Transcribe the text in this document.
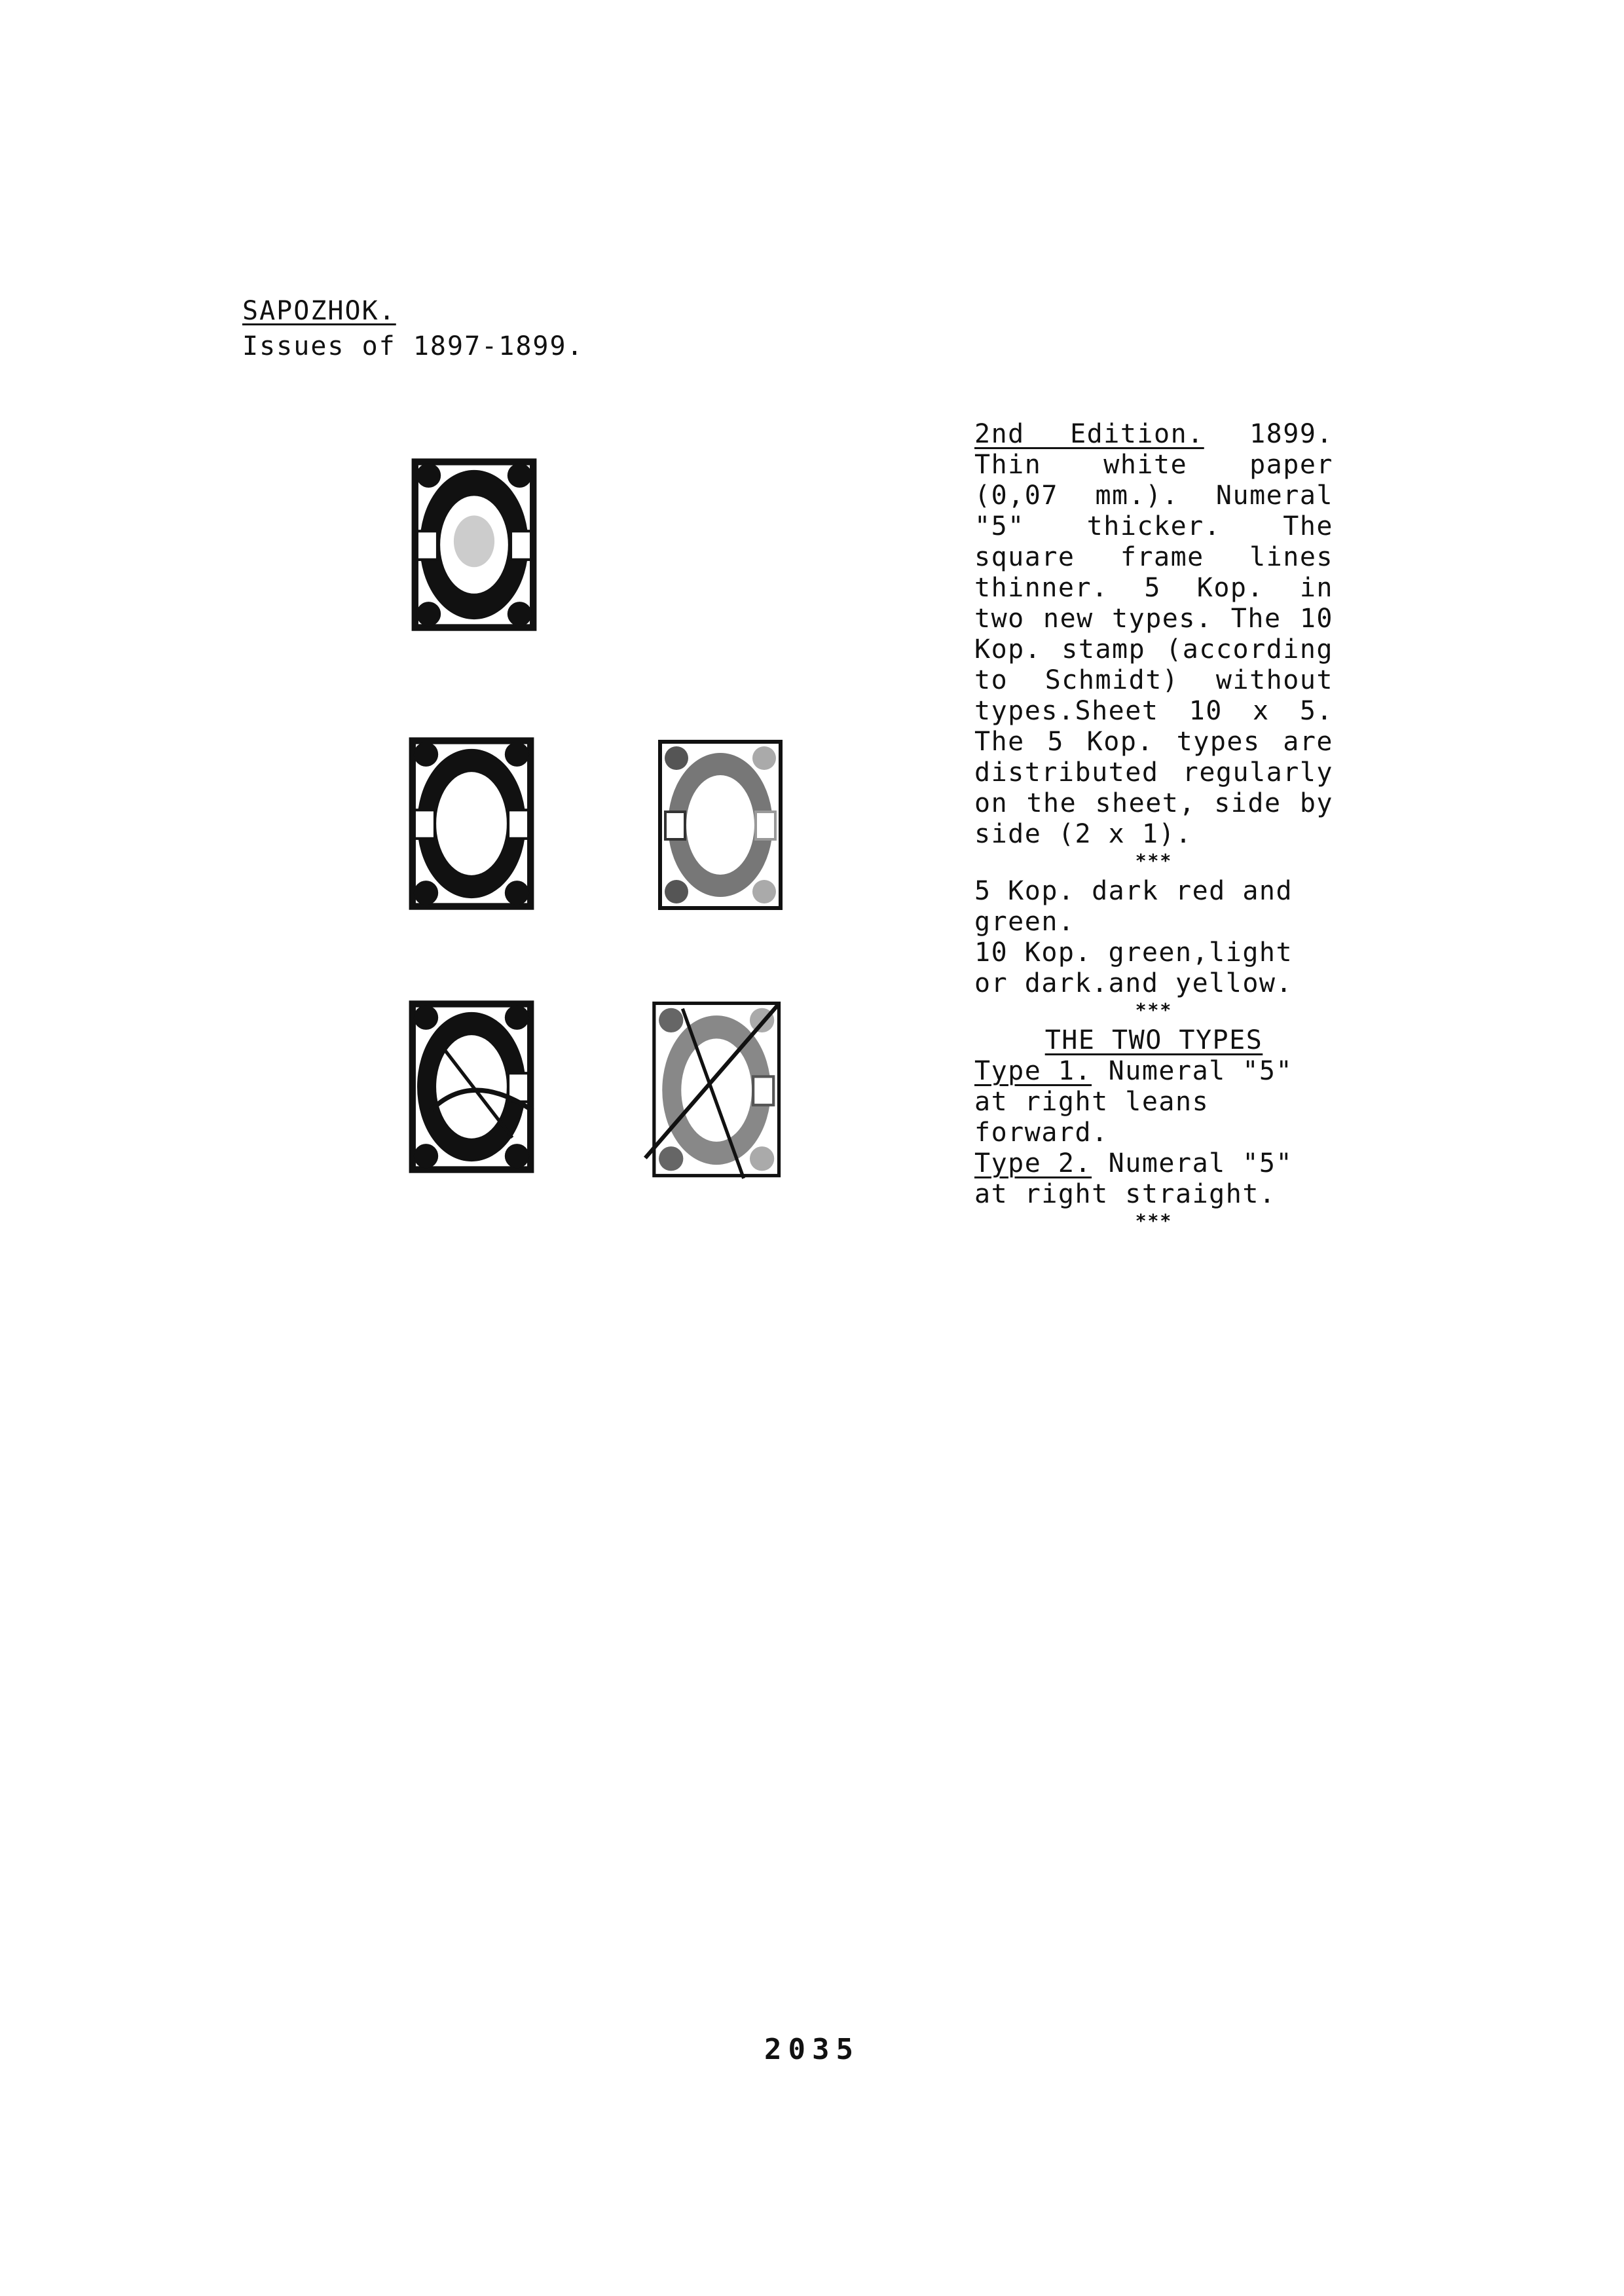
SAPOZHOK.
Issues of 1897-1899.

2nd Edition. 1899.

Thin white paper (0,07 mm.). Numeral "5" thicker. The square frame lines thinner. 5 Kop. in two new types. The 10 Kop. stamp (according to Schmidt) without types.Sheet 10 x 5. The 5 Kop. types are distributed regularly on the sheet, side by side (2 x 1).

***

5 Kop. dark red and green.

10 Kop. green,light or dark.and yellow.

***

THE TWO TYPES

Type 1. Numeral "5" at right leans forward.

Type 2. Numeral "5" at right straight.

***
2035
